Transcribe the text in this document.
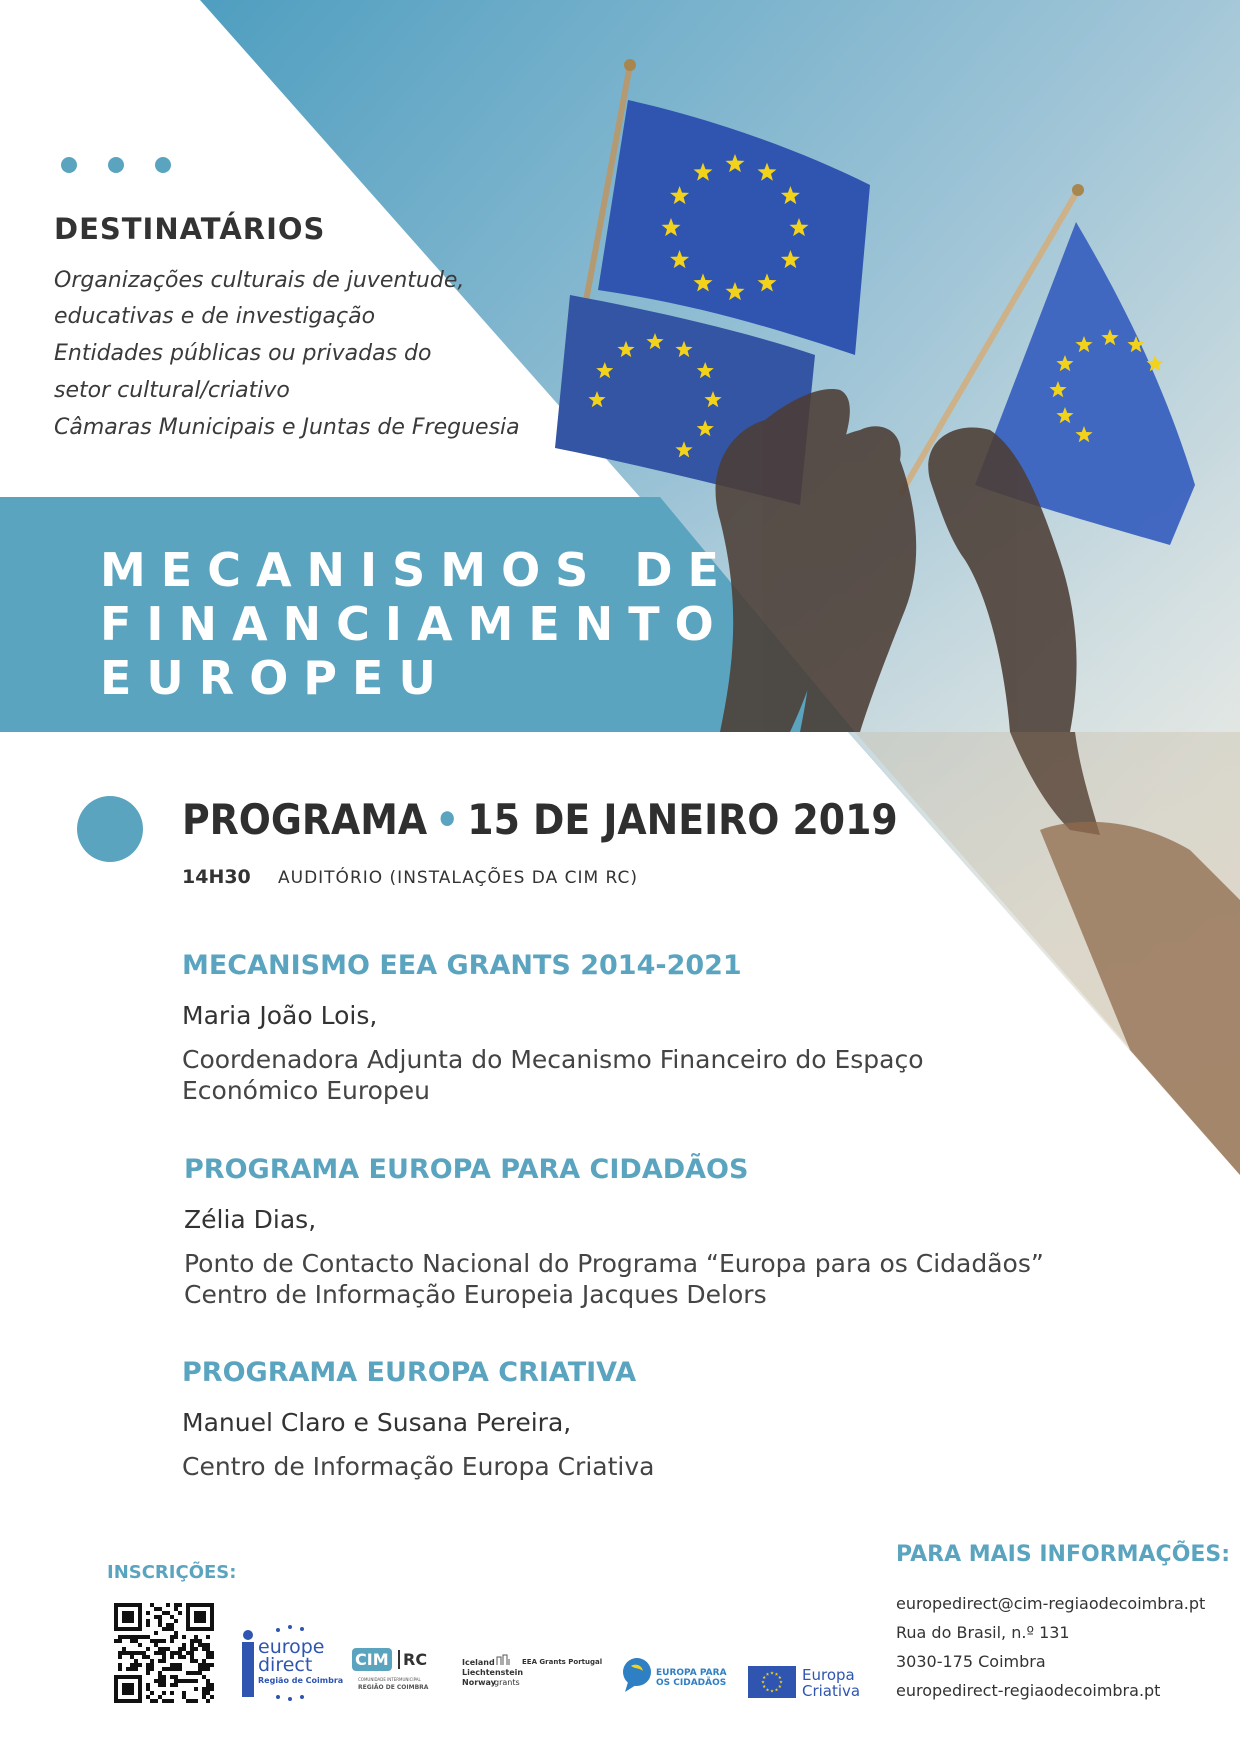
DESTINATÁRIOS
Organizações culturais de juventude,
educativas e de investigação
Entidades públicas ou privadas do
setor cultural/criativo
Câmaras Municipais e Juntas de Freguesia
MECANISMOS DE
FINANCIAMENTO
EUROPEU
PROGRAMA • 15 DE JANEIRO 2019
14H30 AUDITÓRIO (INSTALAÇÕES DA CIM RC)
MECANISMO EEA GRANTS 2014-2021
Maria João Lois,
Coordenadora Adjunta do Mecanismo Financeiro do Espaço
Económico Europeu
PROGRAMA EUROPA PARA CIDADÃOS
Zélia Dias,
Ponto de Contacto Nacional do Programa “Europa para os Cidadãos”
Centro de Informação Europeia Jacques Delors
PROGRAMA EUROPA CRIATIVA
Manuel Claro e Susana Pereira,
Centro de Informação Europa Criativa
INSCRIÇÕES:
PARA MAIS INFORMAÇÕES:
europedirect@cim-regiaodecoimbra.pt
Rua do Brasil, n.º 131
3030-175 Coimbra
europedirect-regiaodecoimbra.pt
europe
direct
Região de Coimbra
CIM RC
COMUNIDADE INTERMUNICIPAL
REGIÃO DE COIMBRA
Iceland
Liechtenstein
Norway
grants
EEA Grants Portugal
EUROPA PARA
OS CIDADÃOS	Europa
Criativa
